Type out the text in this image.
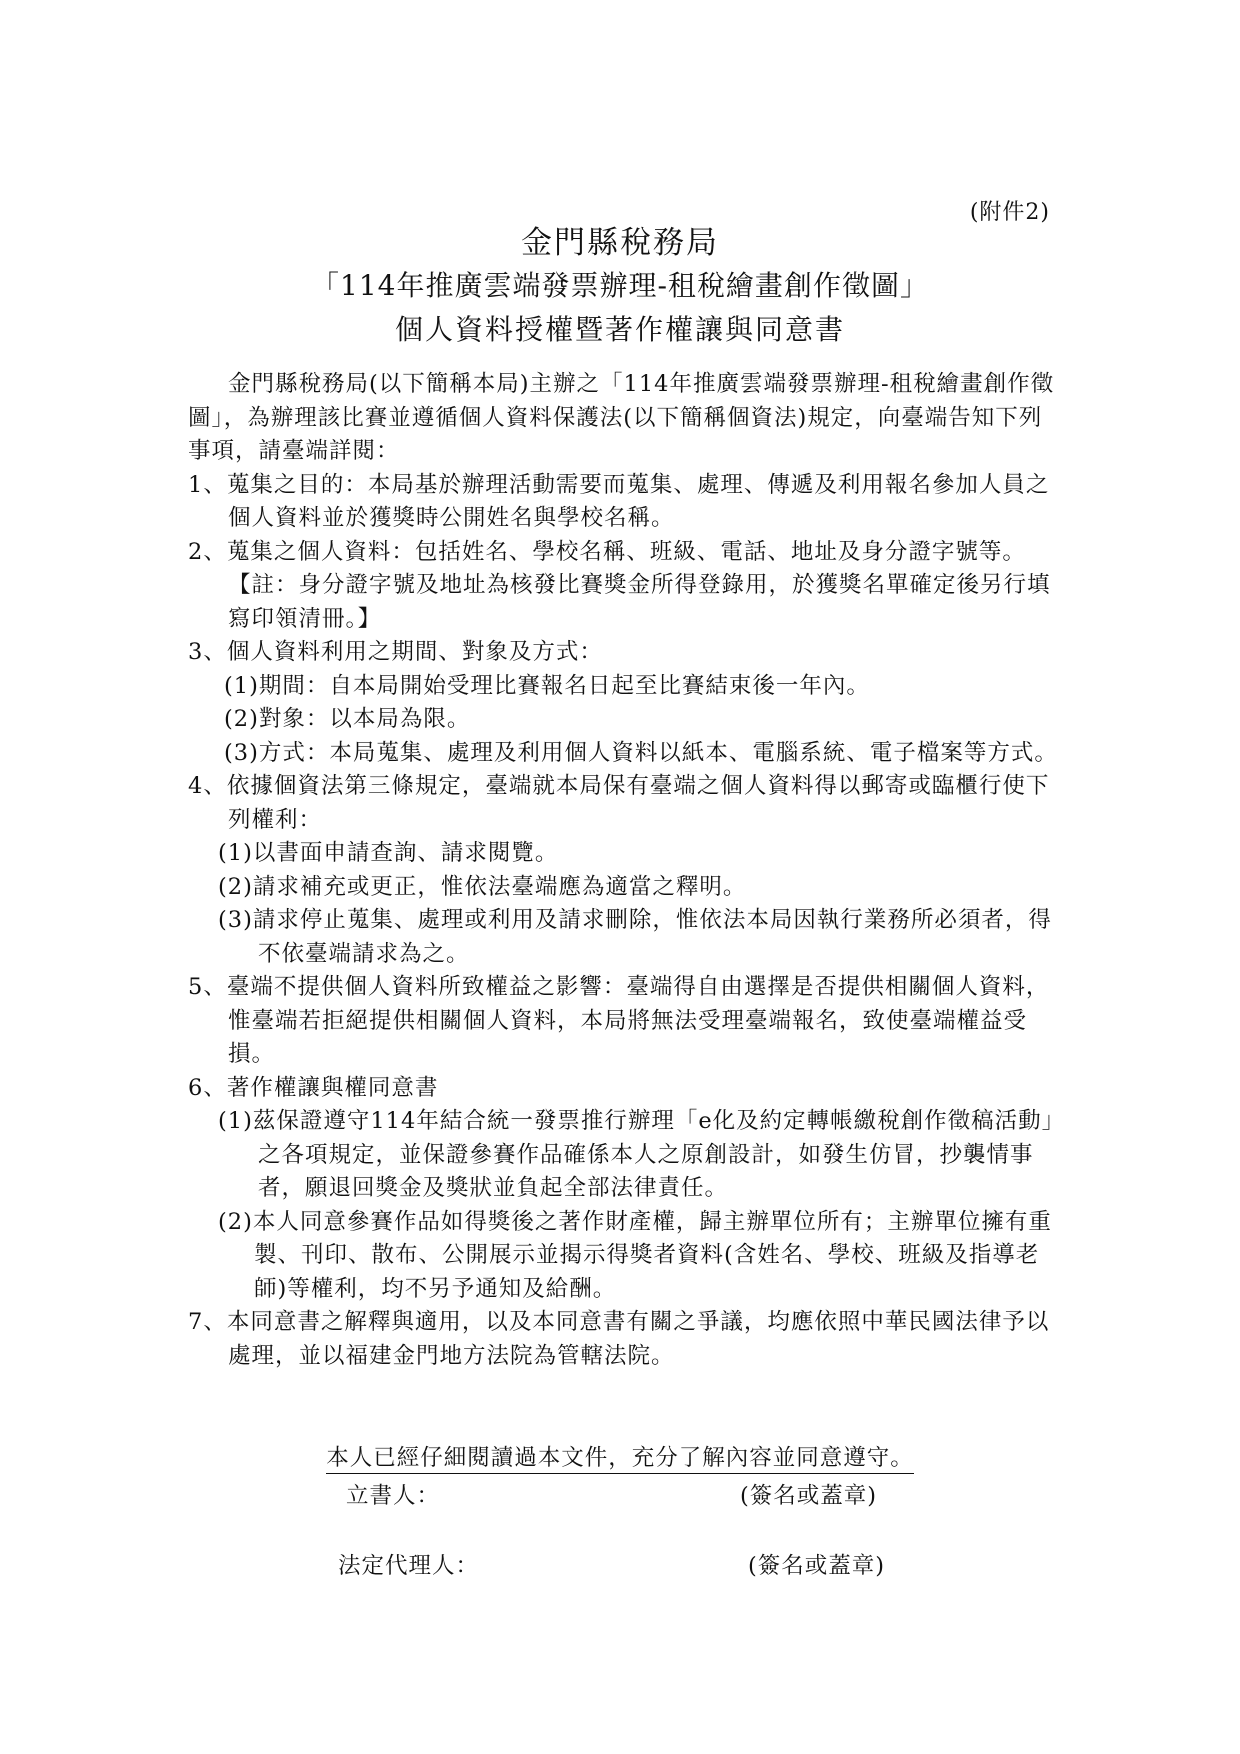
(附件2)
金門縣稅務局
「114年推廣雲端發票辦理-租稅繪畫創作徵圖」
個人資料授權暨著作權讓與同意書

金門縣稅務局(以下簡稱本局)主辦之「114年推廣雲端發票辦理-租稅繪畫創作徵圖」，為辦理該比賽並遵循個人資料保護法(以下簡稱個資法)規定，向臺端告知下列事項，請臺端詳閱：

1、蒐集之目的：本局基於辦理活動需要而蒐集、處理、傳遞及利用報名參加人員之個人資料並於獲獎時公開姓名與學校名稱。

2、蒐集之個人資料：包括姓名、學校名稱、班級、電話、地址及身分證字號等。【註：身分證字號及地址為核發比賽獎金所得登錄用，於獲獎名單確定後另行填寫印領清冊。】

3、個人資料利用之期間、對象及方式：

(1)期間：自本局開始受理比賽報名日起至比賽結束後一年內。

(2)對象：以本局為限。

(3)方式：本局蒐集、處理及利用個人資料以紙本、電腦系統、電子檔案等方式。

4、依據個資法第三條規定，臺端就本局保有臺端之個人資料得以郵寄或臨櫃行使下列權利：

(1)以書面申請查詢、請求閱覽。

(2)請求補充或更正，惟依法臺端應為適當之釋明。

(3)請求停止蒐集、處理或利用及請求刪除，惟依法本局因執行業務所必須者，得不依臺端請求為之。

5、臺端不提供個人資料所致權益之影響：臺端得自由選擇是否提供相關個人資料，惟臺端若拒絕提供相關個人資料，本局將無法受理臺端報名，致使臺端權益受損。

6、著作權讓與權同意書

(1)茲保證遵守114年結合統一發票推行辦理「e化及約定轉帳繳稅創作徵稿活動」之各項規定，並保證參賽作品確係本人之原創設計，如發生仿冒，抄襲情事者，願退回獎金及獎狀並負起全部法律責任。

(2)本人同意參賽作品如得獎後之著作財產權，歸主辦單位所有；主辦單位擁有重製、刊印、散布、公開展示並揭示得獎者資料(含姓名、學校、班級及指導老師)等權利，均不另予通知及給酬。

7、本同意書之解釋與適用，以及本同意書有關之爭議，均應依照中華民國法律予以處理，並以福建金門地方法院為管轄法院。

本人已經仔細閱讀過本文件，充分了解內容並同意遵守。
立書人：	(簽名或蓋章)
法定代理人：	(簽名或蓋章)
